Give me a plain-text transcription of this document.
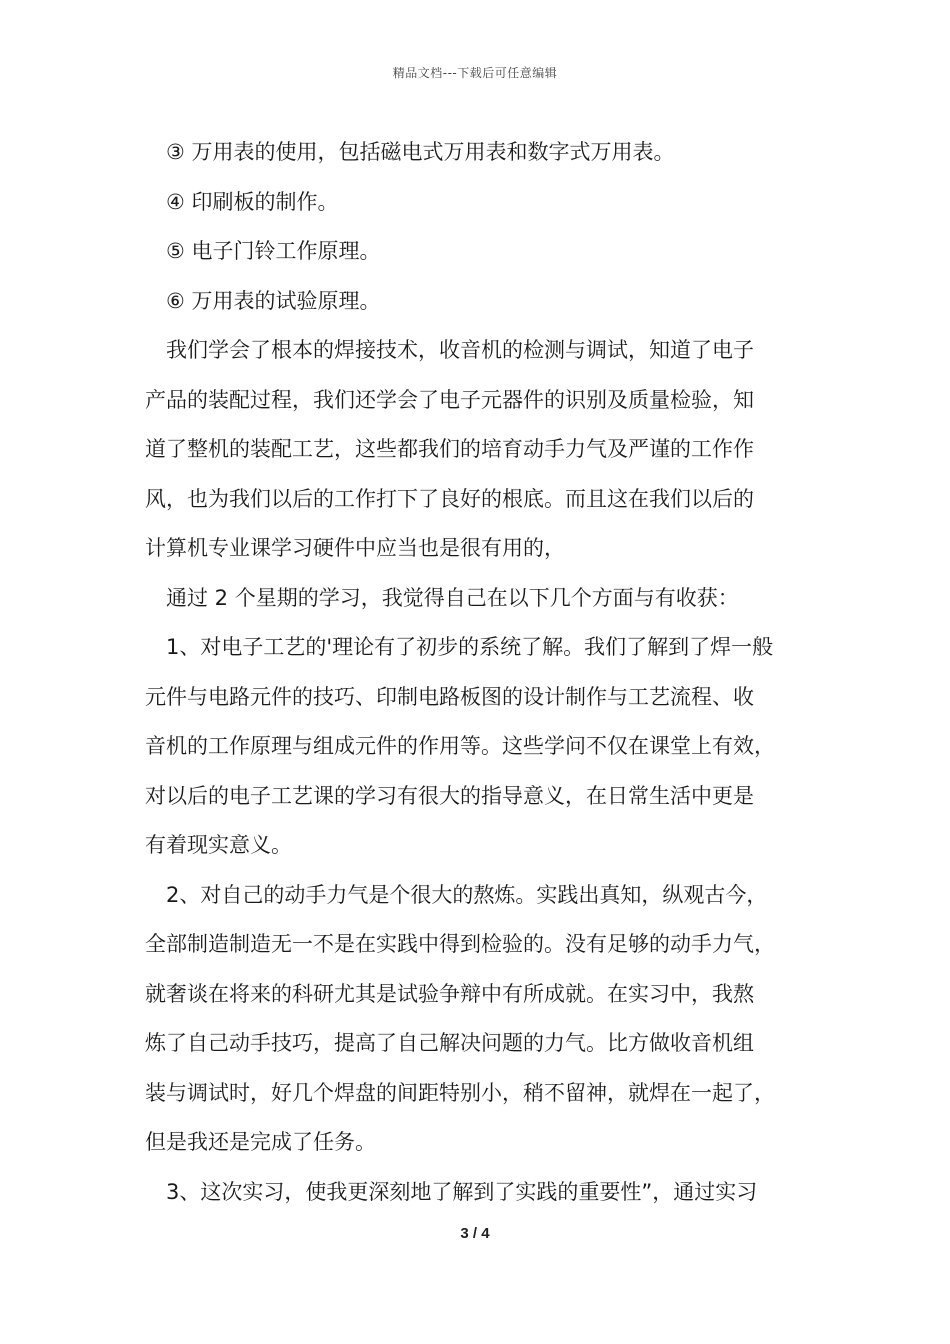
精品文档---下载后可任意编辑
③ 万用表的使用，包括磁电式万用表和数字式万用表。
④ 印刷板的制作。
⑤ 电子门铃工作原理。
⑥ 万用表的试验原理。
我们学会了根本的焊接技术，收音机的检测与调试，知道了电子
产品的装配过程，我们还学会了电子元器件的识别及质量检验，知
道了整机的装配工艺，这些都我们的培育动手力气及严谨的工作作
风，也为我们以后的工作打下了良好的根底。而且这在我们以后的
计算机专业课学习硬件中应当也是很有用的，
通过 2 个星期的学习，我觉得自己在以下几个方面与有收获：
1、对电子工艺的'理论有了初步的系统了解。我们了解到了焊一般
元件与电路元件的技巧、印制电路板图的设计制作与工艺流程、收
音机的工作原理与组成元件的作用等。这些学问不仅在课堂上有效，
对以后的电子工艺课的学习有很大的指导意义，在日常生活中更是
有着现实意义。
2、对自己的动手力气是个很大的熬炼。实践出真知，纵观古今，
全部制造制造无一不是在实践中得到检验的。没有足够的动手力气，
就奢谈在将来的科研尤其是试验争辩中有所成就。在实习中，我熬
炼了自己动手技巧，提高了自己解决问题的力气。比方做收音机组
装与调试时，好几个焊盘的间距特别小，稍不留神，就焊在一起了，
但是我还是完成了任务。
3、这次实习，使我更深刻地了解到了实践的重要性”，通过实习
3 / 4
